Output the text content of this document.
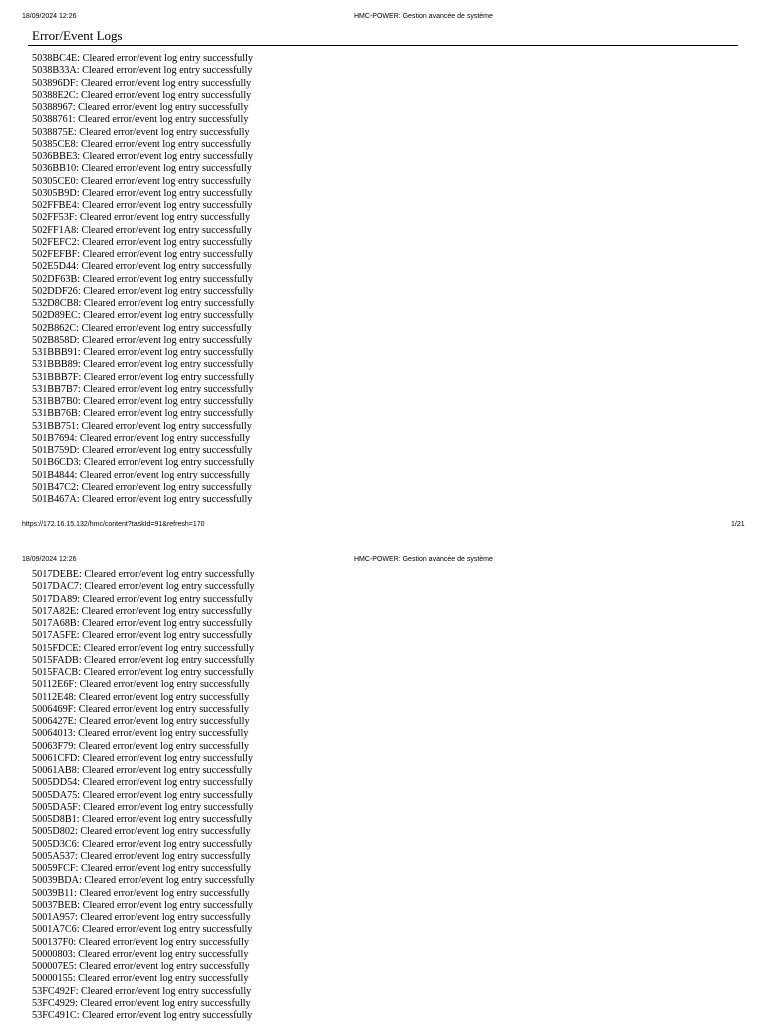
18/09/2024 12:26	HMC-POWER: Gestion avancée de système
Error/Event Logs
5038BC4E: Cleared error/event log entry successfully
5038B33A: Cleared error/event log entry successfully
503896DF: Cleared error/event log entry successfully
50388E2C: Cleared error/event log entry successfully
50388967: Cleared error/event log entry successfully
50388761: Cleared error/event log entry successfully
5038875E: Cleared error/event log entry successfully
50385CE8: Cleared error/event log entry successfully
5036BBE3: Cleared error/event log entry successfully
5036BB10: Cleared error/event log entry successfully
50305CE0: Cleared error/event log entry successfully
50305B9D: Cleared error/event log entry successfully
502FFBE4: Cleared error/event log entry successfully
502FF53F: Cleared error/event log entry successfully
502FF1A8: Cleared error/event log entry successfully
502FEFC2: Cleared error/event log entry successfully
502FEFBF: Cleared error/event log entry successfully
502E5D44: Cleared error/event log entry successfully
502DF63B: Cleared error/event log entry successfully
502DDF26: Cleared error/event log entry successfully
532D8CB8: Cleared error/event log entry successfully
502D89EC: Cleared error/event log entry successfully
502B862C: Cleared error/event log entry successfully
502B858D: Cleared error/event log entry successfully
531BBB91: Cleared error/event log entry successfully
531BBB89: Cleared error/event log entry successfully
531BBB7F: Cleared error/event log entry successfully
531BB7B7: Cleared error/event log entry successfully
531BB7B0: Cleared error/event log entry successfully
531BB76B: Cleared error/event log entry successfully
531BB751: Cleared error/event log entry successfully
501B7694: Cleared error/event log entry successfully
501B759D: Cleared error/event log entry successfully
501B6CD3: Cleared error/event log entry successfully
501B4844: Cleared error/event log entry successfully
501B47C2: Cleared error/event log entry successfully
501B467A: Cleared error/event log entry successfully
https://172.16.15.132/hmc/content?taskId=91&refresh=170	1/21
18/09/2024 12:26	HMC-POWER: Gestion avancée de système
5017DEBE: Cleared error/event log entry successfully
5017DAC7: Cleared error/event log entry successfully
5017DA89: Cleared error/event log entry successfully
5017A82E: Cleared error/event log entry successfully
5017A68B: Cleared error/event log entry successfully
5017A5FE: Cleared error/event log entry successfully
5015FDCE: Cleared error/event log entry successfully
5015FADB: Cleared error/event log entry successfully
5015FACB: Cleared error/event log entry successfully
50112E6F: Cleared error/event log entry successfully
50112E48: Cleared error/event log entry successfully
5006469F: Cleared error/event log entry successfully
5006427E: Cleared error/event log entry successfully
50064013: Cleared error/event log entry successfully
50063F79: Cleared error/event log entry successfully
50061CFD: Cleared error/event log entry successfully
50061AB8: Cleared error/event log entry successfully
5005DD54: Cleared error/event log entry successfully
5005DA75: Cleared error/event log entry successfully
5005DA5F: Cleared error/event log entry successfully
5005D8B1: Cleared error/event log entry successfully
5005D802: Cleared error/event log entry successfully
5005D3C6: Cleared error/event log entry successfully
5005A537: Cleared error/event log entry successfully
50059FCF: Cleared error/event log entry successfully
50039BDA: Cleared error/event log entry successfully
50039B11: Cleared error/event log entry successfully
50037BEB: Cleared error/event log entry successfully
5001A957: Cleared error/event log entry successfully
5001A7C6: Cleared error/event log entry successfully
500137F0: Cleared error/event log entry successfully
50000803: Cleared error/event log entry successfully
500007E5: Cleared error/event log entry successfully
50000155: Cleared error/event log entry successfully
53FC492F: Cleared error/event log entry successfully
53FC4929: Cleared error/event log entry successfully
53FC491C: Cleared error/event log entry successfully
